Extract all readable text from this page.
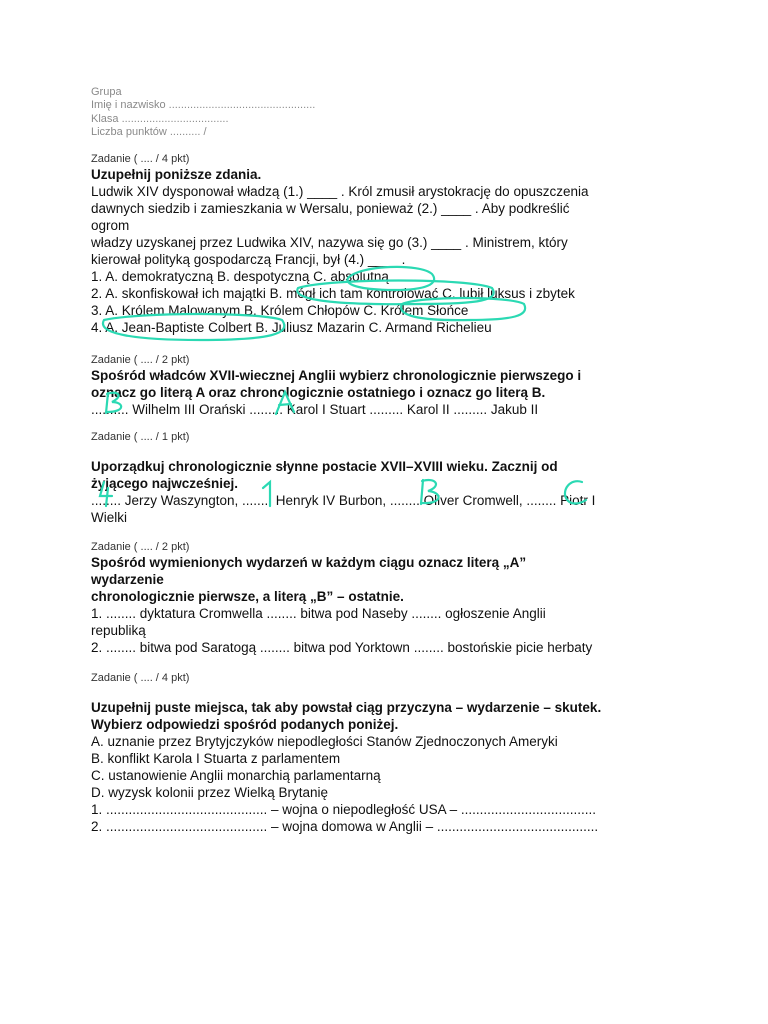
Grupa
Imię i nazwisko ................................................
Klasa ...................................
Liczba punktów .......... /
Zadanie ( .... / 4 pkt)
Uzupełnij poniższe zdania.
Ludwik XIV dysponował władzą (1.) ____ . Król zmusił arystokrację do opuszczenia
dawnych siedzib i zamieszkania w Wersalu, ponieważ (2.) ____ . Aby podkreślić
ogrom
władzy uzyskanej przez Ludwika XIV, nazywa się go (3.) ____ . Ministrem, który
kierował polityką gospodarczą Francji, był (4.) ____ .
1. A. demokratyczną B. despotyczną C. absolutną
2. A. skonfiskował ich majątki B. mógł ich tam kontrolować C. lubił luksus i zbytek
3. A. Królem Malowanym B. Królem Chłopów C. Królem Słońce
4. A. Jean-Baptiste Colbert B. Juliusz Mazarin C. Armand Richelieu
Zadanie ( .... / 2 pkt)
Spośród władców XVII-wiecznej Anglii wybierz chronologicznie pierwszego i
oznacz go literą A oraz chronologicznie ostatniego i oznacz go literą B.
.......... Wilhelm III Orański ......... Karol I Stuart ......... Karol II ......... Jakub II
Zadanie ( .... / 1 pkt)
Uporządkuj chronologicznie słynne postacie XVII–XVIII wieku. Zacznij od
żyjącego najwcześniej.
........ Jerzy Waszyngton, ........ Henryk IV Burbon, ........ Oliver Cromwell, ........ Piotr I
Wielki
Zadanie ( .... / 2 pkt)
Spośród wymienionych wydarzeń w każdym ciągu oznacz literą „A”
wydarzenie
chronologicznie pierwsze, a literą „B” – ostatnie.
1. ........ dyktatura Cromwella ........ bitwa pod Naseby ........ ogłoszenie Anglii
republiką
2. ........ bitwa pod Saratogą ........ bitwa pod Yorktown ........ bostońskie picie herbaty
Zadanie ( .... / 4 pkt)
Uzupełnij puste miejsca, tak aby powstał ciąg przyczyna – wydarzenie – skutek.
Wybierz odpowiedzi spośród podanych poniżej.
A. uznanie przez Brytyjczyków niepodległości Stanów Zjednoczonych Ameryki
B. konflikt Karola I Stuarta z parlamentem
C. ustanowienie Anglii monarchią parlamentarną
D. wyzysk kolonii przez Wielką Brytanię
1. ........................................... – wojna o niepodległość USA – ....................................
2. ........................................... – wojna domowa w Anglii – ...........................................
